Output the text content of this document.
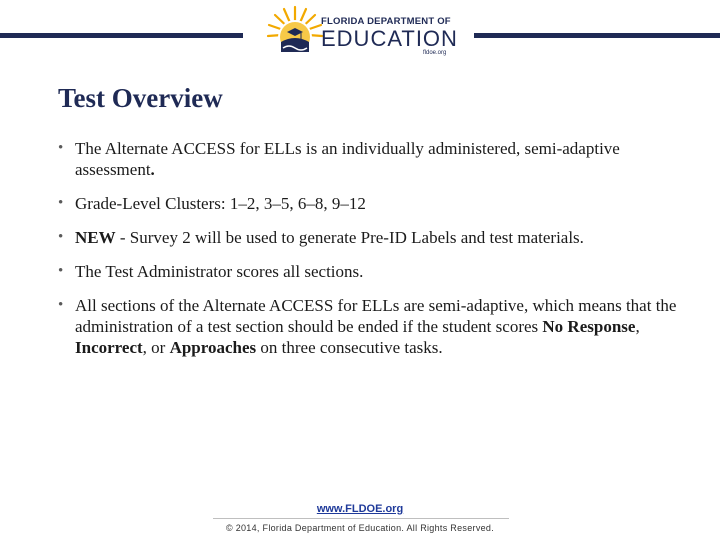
FLORIDA DEPARTMENT OF
EDUCATION
fldoe.org
Test Overview
• The Alternate ACCESS for ELLs is an individually administered, semi-adaptive assessment.
• Grade-Level Clusters: 1–2, 3–5, 6–8, 9–12
• NEW - Survey 2 will be used to generate Pre-ID Labels and test materials.
• The Test Administrator scores all sections.
• All sections of the Alternate ACCESS for ELLs are semi-adaptive, which means that the administration of a test section should be ended if the student scores No Response, Incorrect, or Approaches on three consecutive tasks.
www.FLDOE.org
© 2014, Florida Department of Education. All Rights Reserved.
